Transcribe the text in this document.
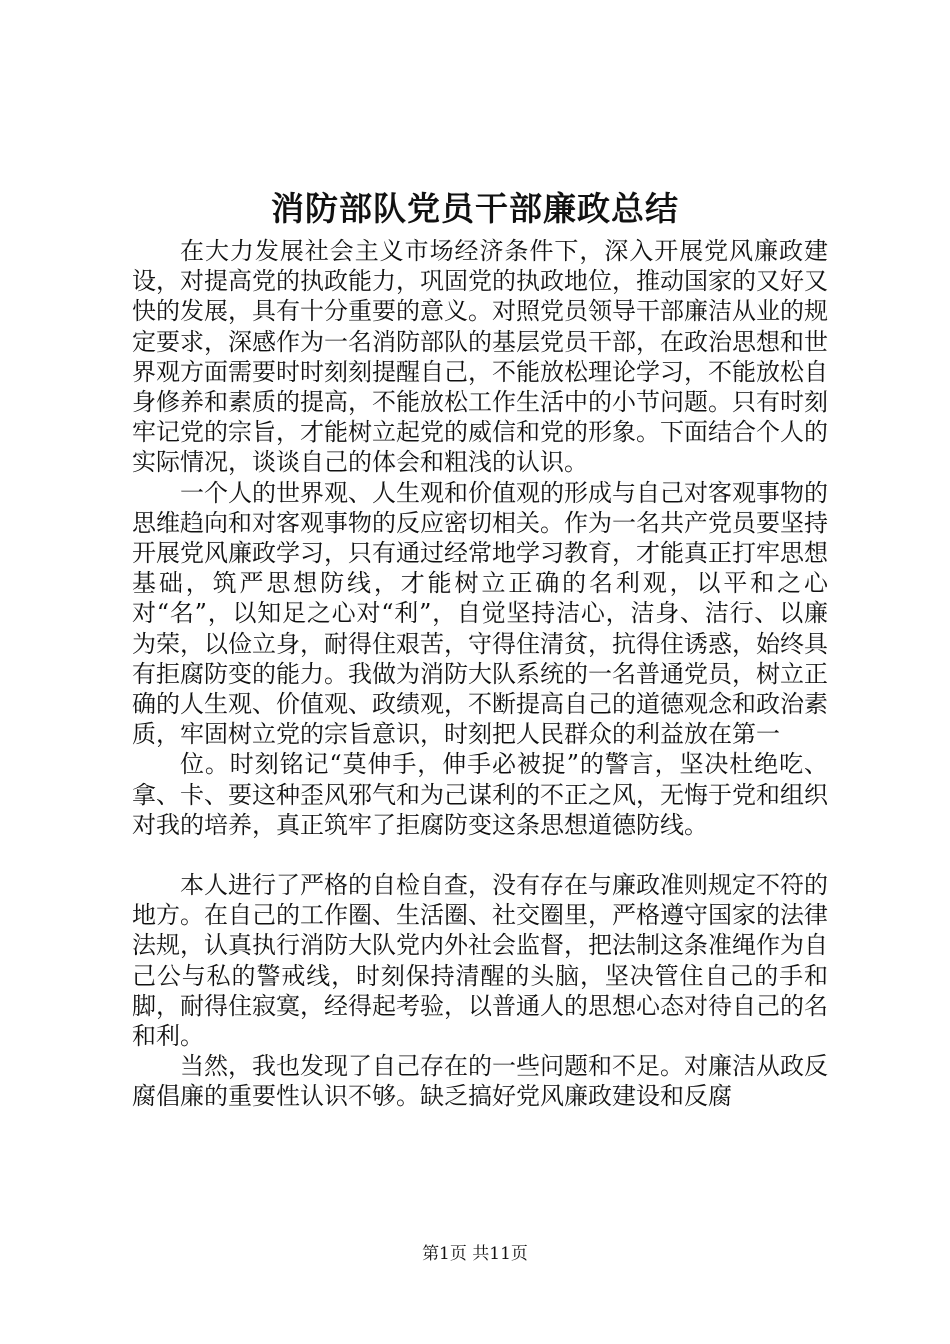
消防部队党员干部廉政总结

在大力发展社会主义市场经济条件下，深入开展党风廉政建设，对提高党的执政能力，巩固党的执政地位，推动国家的又好又快的发展，具有十分重要的意义。对照党员领导干部廉洁从业的规定要求，深感作为一名消防部队的基层党员干部，在政治思想和世界观方面需要时时刻刻提醒自己，不能放松理论学习，不能放松自身修养和素质的提高，不能放松工作生活中的小节问题。只有时刻牢记党的宗旨，才能树立起党的威信和党的形象。下面结合个人的实际情况，谈谈自己的体会和粗浅的认识。

一个人的世界观、人生观和价值观的形成与自己对客观事物的思维趋向和对客观事物的反应密切相关。作为一名共产党员要坚持开展党风廉政学习，只有通过经常地学习教育，才能真正打牢思想基础，筑严思想防线，才能树立正确的名利观，以平和之心对“名”，以知足之心对“利”，自觉坚持洁心，洁身、洁行、以廉为荣，以俭立身，耐得住艰苦，守得住清贫，抗得住诱惑，始终具有拒腐防变的能力。我做为消防大队系统的一名普通党员，树立正确的人生观、价值观、政绩观，不断提高自己的道德观念和政治素质，牢固树立党的宗旨意识，时刻把人民群众的利益放在第一

位。时刻铭记“莫伸手，伸手必被捉”的警言，坚决杜绝吃、拿、卡、要这种歪风邪气和为己谋利的不正之风，无悔于党和组织对我的培养，真正筑牢了拒腐防变这条思想道德防线。

本人进行了严格的自检自查，没有存在与廉政准则规定不符的地方。在自己的工作圈、生活圈、社交圈里，严格遵守国家的法律法规，认真执行消防大队党内外社会监督，把法制这条准绳作为自己公与私的警戒线，时刻保持清醒的头脑，坚决管住自己的手和脚，耐得住寂寞，经得起考验，以普通人的思想心态对待自己的名和利。

当然，我也发现了自己存在的一些问题和不足。对廉洁从政反腐倡廉的重要性认识不够。缺乏搞好党风廉政建设和反腐

第1页 共11页
